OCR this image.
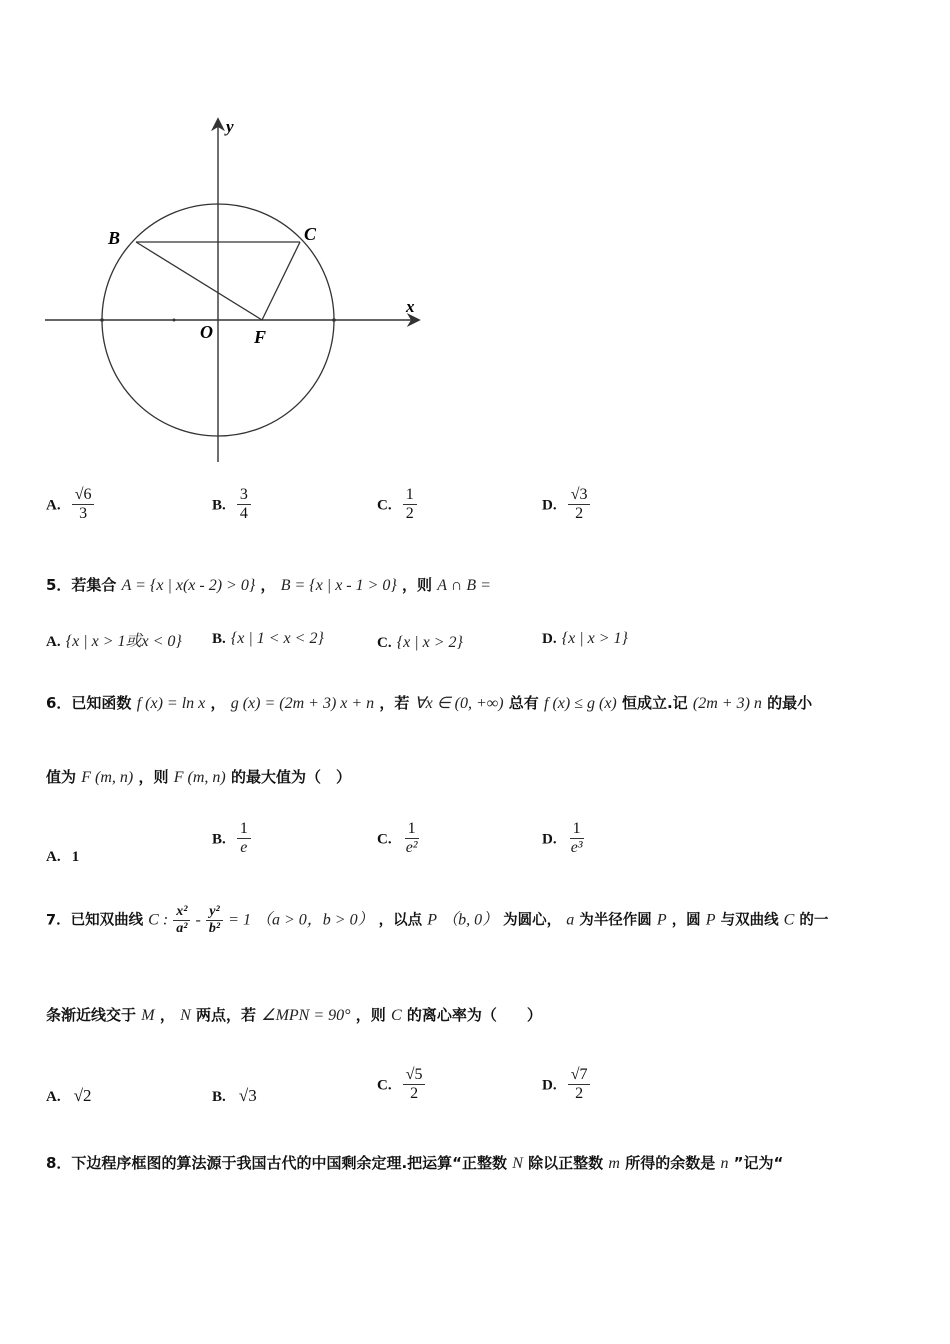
y
x
B	C
O F
A. $\frac{√6}{3}$	B. $\frac{3}{4}$	C. $\frac{1}{2}$	D. $\frac{√3}{2}$
5．若集合 A = {x | x(x - 2) > 0} ， B = {x | x - 1 > 0} ，则 A ∩ B =
A. {x | x > 1或x < 0} B. {x | 1 < x < 2}	C. {x | x > 2}	D. {x | x > 1}
6．已知函数 f (x) = ln x ， g (x) = (2m + 3) x + n ，若 ∀x ∈ (0, +∞) 总有 f (x) ≤ g (x) 恒成立.记 (2m + 3) n 的最小
值为 F (m, n) ，则 F (m, n) 的最大值为（　）
A. 1
B. $\frac{1}{e}$	C. $\frac{1}{\text{e²}}$	D. $\frac{1}{\text{e³}}$
7．已知双曲线 C : $\frac{\text{x²}}{\text{a²}} - \frac{\text{y²}}{\text{b²}} = 1$ （a > 0，b > 0） ，以点 P （b, 0） 为圆心， a 为半径作圆 P ，圆 P 与双曲线 C 的一
条渐近线交于 M ， N 两点，若 ∠MPN = 90° ，则 C 的离心率为（　　）
A. √2	B. √3
C. $\frac{√5}{2}$	D. $\frac{√7}{2}$
8．下边程序框图的算法源于我国古代的中国剩余定理.把运算“正整数 N 除以正整数 m 所得的余数是 n ”记为“
